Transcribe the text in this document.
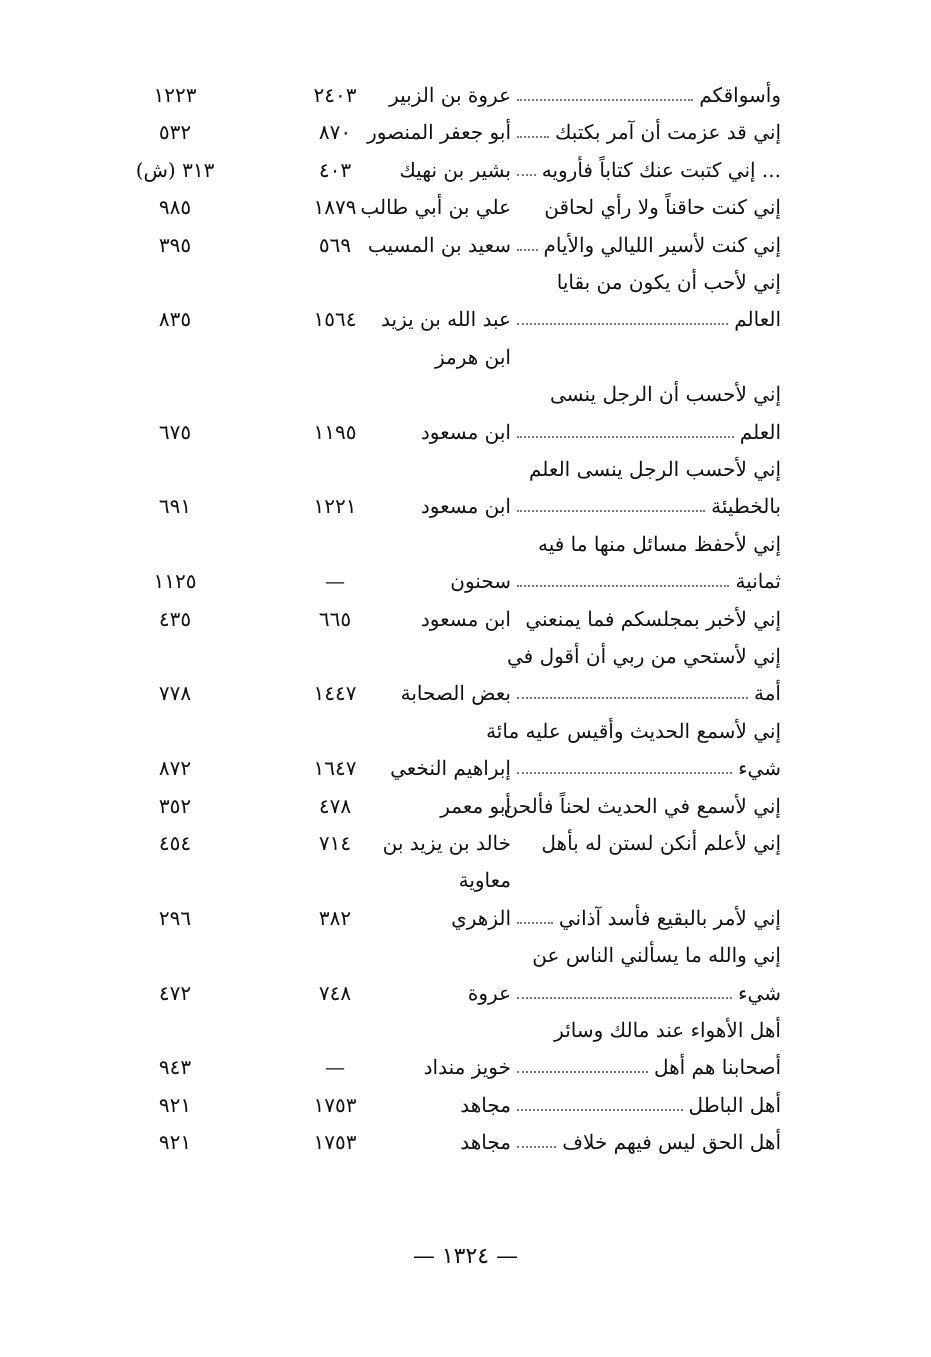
وأسواقكم
عروة بن الزبير
٢٤٠٣
١٢٢٣
إني قد عزمت أن آمر بكتبك
أبو جعفر المنصور
٨٧٠
٥٣٢
... إني كتبت عنك كتاباً فأرويه
بشير بن نهيك
٤٠٣
٣١٣ (ش)
إني كنت حاقناً ولا رأي لحاقن
علي بن أبي طالب
١٨٧٩
٩٨٥
إني كنت لأسير الليالي والأيام
سعيد بن المسيب
٥٦٩
٣٩٥
إني لأحب أن يكون من بقايا
العالم
عبد الله بن يزيد
١٥٦٤
٨٣٥
ابن هرمز
إني لأحسب أن الرجل ينسى
العلم
ابن مسعود
١١٩٥
٦٧٥
إني لأحسب الرجل ينسى العلم
بالخطيئة
ابن مسعود
١٢٢١
٦٩١
إني لأحفظ مسائل منها ما فيه
ثمانية
سحنون
—
١١٢٥
إني لأخبر بمجلسكم فما يمنعني
ابن مسعود
٦٦٥
٤٣٥
إني لأستحي من ربي أن أقول في
أمة
بعض الصحابة
١٤٤٧
٧٧٨
إني لأسمع الحديث وأقيس عليه مائة
شيء
إبراهيم النخعي
١٦٤٧
٨٧٢
إني لأسمع في الحديث لحناً فألحن
أبو معمر
٤٧٨
٣٥٢
إني لأعلم أنكن لستن له بأهل
خالد بن يزيد بن
٧١٤
٤٥٤
معاوية
إني لأمر بالبقيع فأسد آذاني
الزهري
٣٨٢
٢٩٦
إني والله ما يسألني الناس عن
شيء
عروة
٧٤٨
٤٧٢
أهل الأهواء عند مالك وسائر
أصحابنا هم أهل
خويز منداد
—
٩٤٣
أهل الباطل
مجاهد
١٧٥٣
٩٢١
أهل الحق ليس فيهم خلاف
مجاهد
١٧٥٣
٩٢١
— ١٣٢٤ —
